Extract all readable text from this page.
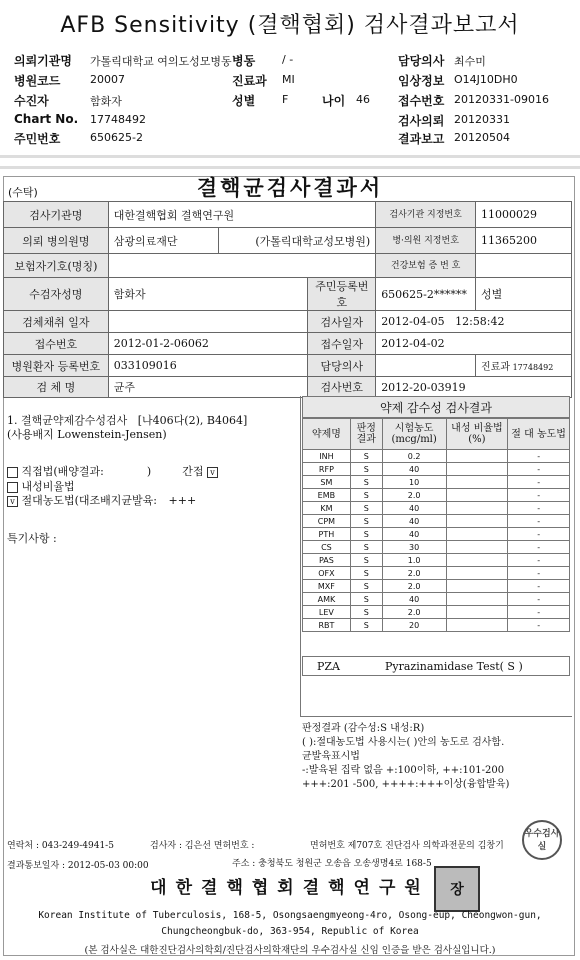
AFB Sensitivity (결핵협회) 검사결과보고서
의뢰기관명 가톨릭대학교 여의도성모병동 병동 / -	담당의사 최수미
병원코드	20007	진료과 MI	임상정보 O14J10DH0
수진자	함화자	성별 F	나이 46 접수번호 20120331-09016
Chart No. 17748492	검사의뢰 20120331
주민번호	650625-2	결과보고 20120504
(수탁)	결핵균검사결과서
검사기관명	대한결핵협회 결핵연구원			검사기관 지정번호	11000029
의뢰 병의원명	삼광의료재단	(가톨릭대학교성모병원)		병·의원 지정번호	11365200
보험자기호(명칭)				건강보험 증 번 호	
수검자성명	함화자		주민등록번호	650625-2******	성별
검체채취 일자			검사일자	2012-04-05 12:58:42	
접수번호	2012-01-2-06062		접수일자	2012-04-02	
병원환자 등록번호	033109016		담당의사		진료과 17748492
검 체 명	균주		검사번호	2012-20-03919	
1. 결핵균약제감수성검사 [나406다(2), B4064]
(사용배지 Lowenstein-Jensen)
직접법(배양결과:	)	간접 v
내성비율법
v 절대농도법(대조배지균발육: +++
특기사항 :
약제 감수성 검사결과
약제명	판정 결과	시험농도 (mcg/ml)	내성 비율법(%)	절 대 농도법
INH	S	0.2		-
RFP	S	40		-
SM	S	10		-
EMB	S	2.0		-
KM	S	40		-
CPM	S	40		-
PTH	S	40		-
CS	S	30		-
PAS	S	1.0		-
OFX	S	2.0		-
MXF	S	2.0		-
AMK	S	40		-
LEV	S	2.0		-
RBT	S	20		-
PZA	Pyrazinamidase Test( S )
판정결과 (감수성:S 내성:R)
( ):절대농도법 사용시는( )안의 농도로 검사함.
균발육표시법
-:발육된 집락 없음 +:100이하, ++:101-200
+++:201 -500, ++++:+++이상(융합발육)
연락처 : 043-249-4941-5	검사자 : 김은선 면허번호 :	면허번호 제707호 진단검사 의학과전문의 김창기
결과통보일자 : 2012-05-03 00:00	주소 : 충청북도 청원군 오송읍 오송생명4로 168-5
우수검사실
대한결핵협회결핵연구원	장
Korean Institute of Tuberculosis, 168-5, Osongsaengmyeong-4ro, Osong-eup, Cheongwon-gun,
Chungcheongbuk-do, 363-954, Republic of Korea
(본 검사실은 대한진단검사의학회/진단검사의학재단의 우수검사실 신임 인증을 받은 검사실입니다.)
